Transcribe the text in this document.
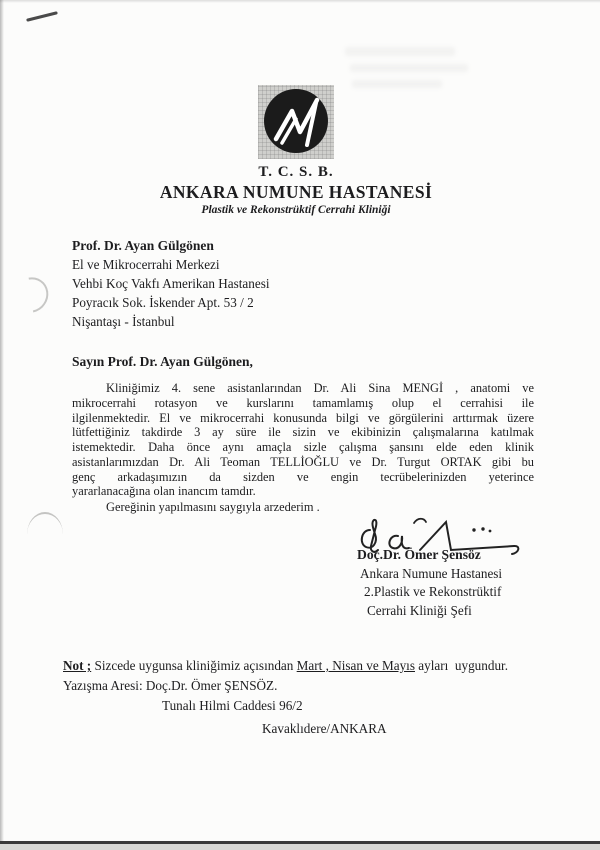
T. C. S. B.
ANKARA NUMUNE HASTANESİ
Plastik ve Rekonstrüktif Cerrahi Kliniği
Prof. Dr. Ayan Gülgönen
El ve Mikrocerrahi Merkezi
Vehbi Koç Vakfı Amerikan Hastanesi
Poyracık Sok. İskender Apt. 53 / 2
Nişantaşı - İstanbul
Sayın Prof. Dr. Ayan Gülgönen,
Kliniğimiz 4. sene asistanlarından Dr. Ali Sina MENGİ , anatomi ve
mikrocerrahi rotasyon ve kurslarını tamamlamış olup el cerrahisi ile
ilgilenmektedir. El ve mikrocerrahi konusunda bilgi ve görgülerini arttırmak üzere
lütfettiğiniz takdirde 3 ay süre ile sizin ve ekibinizin çalışmalarına katılmak
istemektedir. Daha önce aynı amaçla sizle çalışma şansını elde eden klinik
asistanlarımızdan Dr. Ali Teoman TELLİOĞLU ve Dr. Turgut ORTAK gibi bu
genç arkadaşımızın da sizden ve engin tecrübelerinizden yeterince
yararlanacağına olan inancım tamdır.
Gereğinin yapılmasını saygıyla arzederim .
Doç.Dr. Ömer Şensöz
Ankara Numune Hastanesi
2.Plastik ve Rekonstrüktif
Cerrahi Kliniği Şefi
Not ; Sizcede uygunsa kliniğimiz açısından Mart , Nisan ve Mayıs ayları  uygundur.
Yazışma Aresi: Doç.Dr. Ömer ŞENSÖZ.
Tunalı Hilmi Caddesi 96/2
Kavaklıdere/ANKARA
